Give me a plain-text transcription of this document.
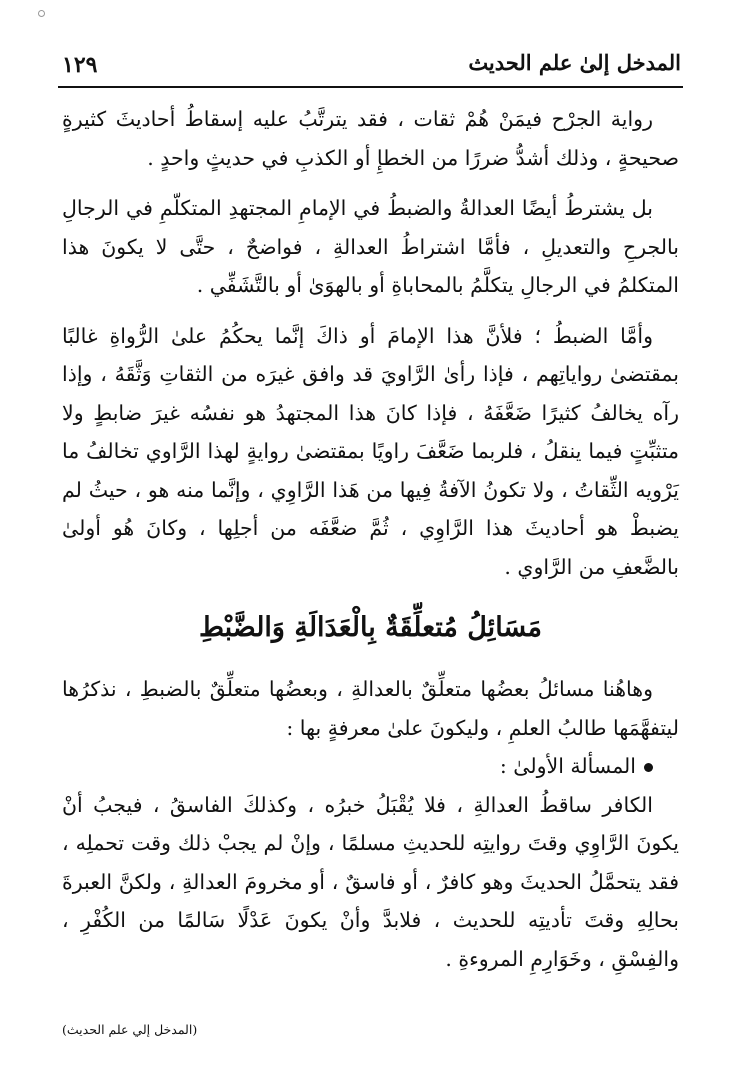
المدخل إلىٰ علم الحديث
١٢٩

رواية الجرْح فيمَنْ هُمْ ثقات ، فقد يترتَّبُ عليه إسقاطُ أحاديثَ كثيرةٍ صحيحةٍ ، وذلك أشدُّ ضررًا من الخطإِ أو الكذبِ في حديثٍ واحدٍ .

بل يشترطُ أيضًا العدالةُ والضبطُ في الإمامِ المجتهدِ المتكلّمِ في الرجالِ بالجرحِ والتعديلِ ، فأمَّا اشتراطُ العدالةِ ، فواضحٌ ، حتَّى لا يكونَ هذا المتكلمُ في الرجالِ يتكلَّمُ بالمحاباةِ أو بالهوَىٰ أو بالتَّشَفِّي .

وأمَّا الضبطُ ؛ فلأنَّ هذا الإمامَ أو ذاكَ إنَّما يحكُمُ علىٰ الرُّواةِ غالبًا بمقتضىٰ رواياتِهم ، فإذا رأىٰ الرَّاويَ قد وافق غيرَه من الثقاتِ وَثَّقَهُ ، وإذا رآه يخالفُ كثيرًا ضَعَّفَهُ ، فإذا كانَ هذا المجتهدُ هو نفسُه غيرَ ضابطٍ ولا متثبِّتٍ فيما ينقلُ ، فلربما ضَعَّفَ راويًا بمقتضىٰ روايةٍ لهذا الرَّاوي تخالفُ ما يَرْويه الثِّقاتُ ، ولا تكونُ الآفةُ فِيها من هَذا الرَّاوِي ، وإنَّما منه هو ، حيثُ لم يضبطْ هو أحاديثَ هذا الرَّاوِي ، ثُمَّ ضعَّفَه من أجلِها ، وكانَ هُو أولىٰ بالضَّعفِ من الرَّاوي .

مَسَائِلُ مُتعلِّقَةٌ بِالْعَدَالَةِ وَالضَّبْطِ

وهاهُنا مسائلُ بعضُها متعلِّقٌ بالعدالةِ ، وبعضُها متعلِّقٌ بالضبطِ ، نذكرُها ليتفهَّمَها طالبُ العلمِ ، وليكونَ علىٰ معرفةٍ بها :

المسألة الأولىٰ :

الكافر ساقطُ العدالةِ ، فلا يُقْبَلُ خبرُه ، وكذلكَ الفاسقُ ، فيجبُ أنْ يكونَ الرَّاوِي وقتَ روايتِه للحديثِ مسلمًا ، وإنْ لم يجبْ ذلك وقت تحملِه ، فقد يتحمَّلُ الحديثَ وهو كافرٌ ، أو فاسقٌ ، أو مخرومَ العدالةِ ، ولكنَّ العبرةَ بحالِهِ وقتَ تأديتِه للحديث ، فلابدَّ وأنْ يكونَ عَدْلًا سَالمًا من الكُفْرِ ، والفِسْقِ ، وخَوَارِمِ المروءةِ .

(المدخل إلي علم الحديث)
